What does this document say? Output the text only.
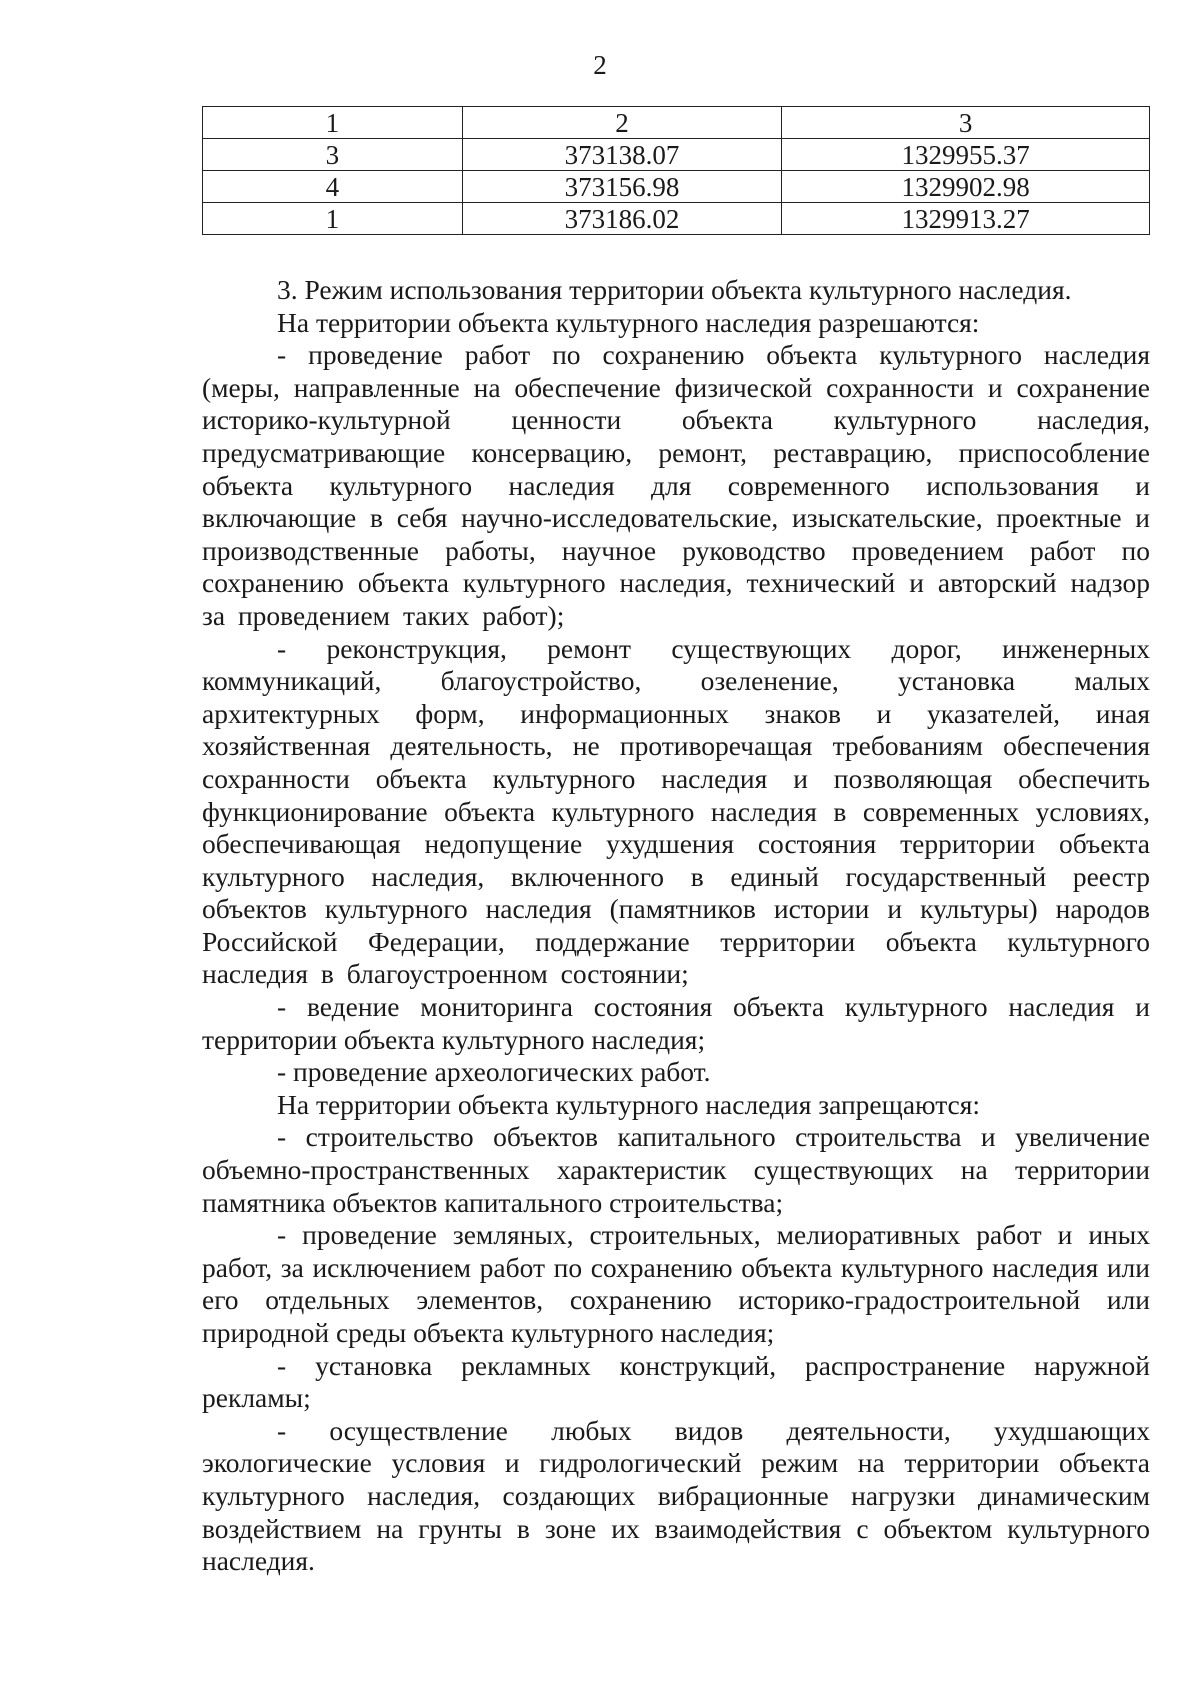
2
1	2	3
3	373138.07	1329955.37
4	373156.98	1329902.98
1	373186.02	1329913.27

3. Режим использования территории объекта культурного наследия.

На территории объекта культурного наследия разрешаются:

- проведение работ по сохранению объекта культурного наследия (меры, направленные на обеспечение физической сохранности и сохранение историко-культурной ценности объекта культурного наследия, предусматривающие консервацию, ремонт, реставрацию, приспособление объекта культурного наследия для современного использования и включающие в себя научно-исследовательские, изыскательские, проектные и производственные работы, научное руководство проведением работ по сохранению объекта культурного наследия, технический и авторский надзор за проведением таких работ);

- реконструкция, ремонт существующих дорог, инженерных коммуникаций, благоустройство, озеленение, установка малых архитектурных форм, информационных знаков и указателей, иная хозяйственная деятельность, не противоречащая требованиям обеспечения сохранности объекта культурного наследия и позволяющая обеспечить функционирование объекта культурного наследия в современных условиях, обеспечивающая недопущение ухудшения состояния территории объекта культурного наследия, включенного в единый государственный реестр объектов культурного наследия (памятников истории и культуры) народов Российской Федерации, поддержание территории объекта культурного наследия в благоустроенном состоянии;

- ведение мониторинга состояния объекта культурного наследия и территории объекта культурного наследия;

- проведение археологических работ.

На территории объекта культурного наследия запрещаются:

- строительство объектов капитального строительства и увеличение объемно-пространственных характеристик существующих на территории памятника объектов капитального строительства;

- проведение земляных, строительных, мелиоративных работ и иных работ, за исключением работ по сохранению объекта культурного наследия или его отдельных элементов, сохранению историко-градостроительной или природной среды объекта культурного наследия;

- установка рекламных конструкций, распространение наружной рекламы;

- осуществление любых видов деятельности, ухудшающих экологические условия и гидрологический режим на территории объекта культурного наследия, создающих вибрационные нагрузки динамическим воздействием на грунты в зоне их взаимодействия с объектом культурного наследия.
